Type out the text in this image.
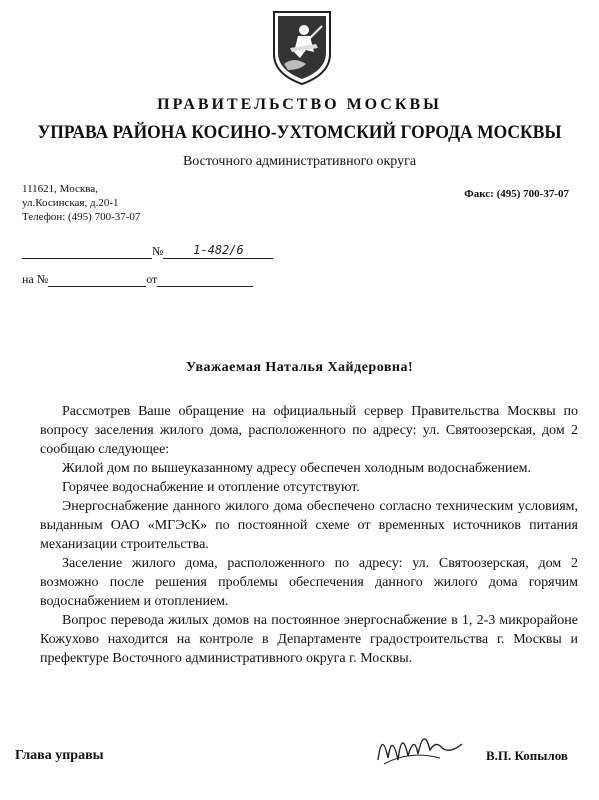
ПРАВИТЕЛЬСТВО МОСКВЫ
УПРАВА РАЙОНА КОСИНО-УХТОМСКИЙ ГОРОДА МОСКВЫ
Восточного административного округа
111621, Москва,
ул.Косинская, д.20-1
Телефон: (495) 700-37-07
Факс: (495) 700-37-07
№ 1-482/6
на №	от
Уважаемая Наталья Хайдеровна!

Рассмотрев Ваше обращение на официальный сервер Правительства Москвы по вопросу заселения жилого дома, расположенного по адресу: ул. Святоозерская, дом 2 сообщаю следующее:

Жилой дом по вышеуказанному адресу обеспечен холодным водоснабжением.

Горячее водоснабжение и отопление отсутствуют.

Энергоснабжение данного жилого дома обеспечено согласно техническим условиям, выданным ОАО «МГЭсК» по постоянной схеме от временных источников питания механизации строительства.

Заселение жилого дома, расположенного по адресу: ул. Святоозерская, дом 2 возможно после решения проблемы обеспечения данного жилого дома горячим водоснабжением и отоплением.

Вопрос перевода жилых домов на постоянное энергоснабжение в 1, 2-3 микрорайоне Кожухово находится на контроле в Департаменте градостроительства г. Москвы и префектуре Восточного административного округа г. Москвы.

Глава управы	В.П. Копылов
